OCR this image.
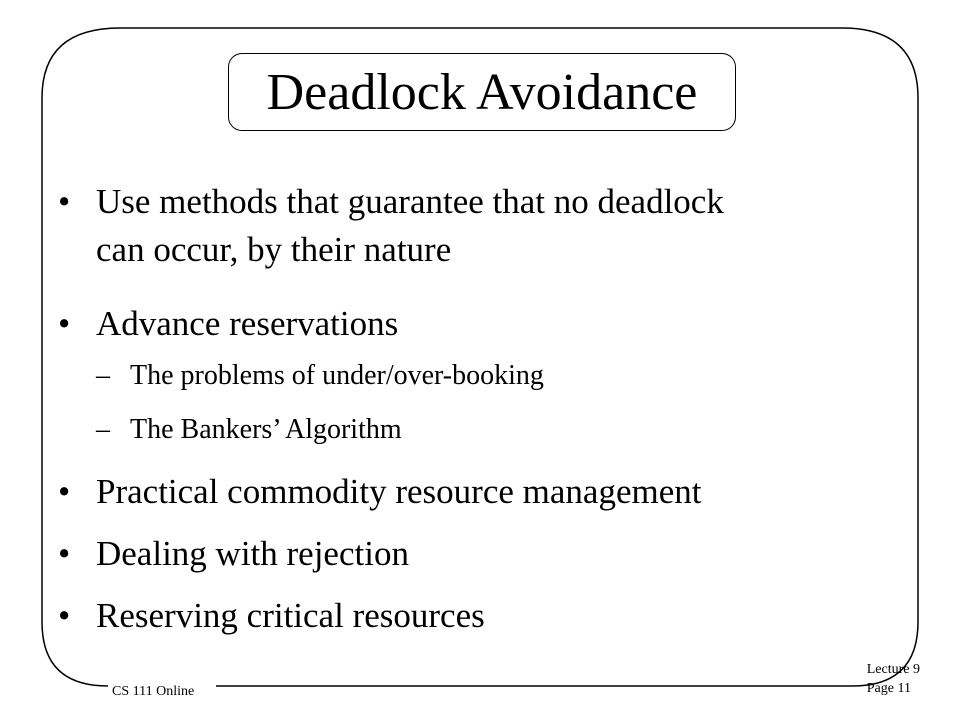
Deadlock Avoidance
• Use methods that guarantee that no deadlock
can occur, by their nature
• Advance reservations
– The problems of under/over-booking
– The Bankers’ Algorithm
• Practical commodity resource management
• Dealing with rejection
• Reserving critical resources
CS 111 Online
Lecture 9
Page 11
